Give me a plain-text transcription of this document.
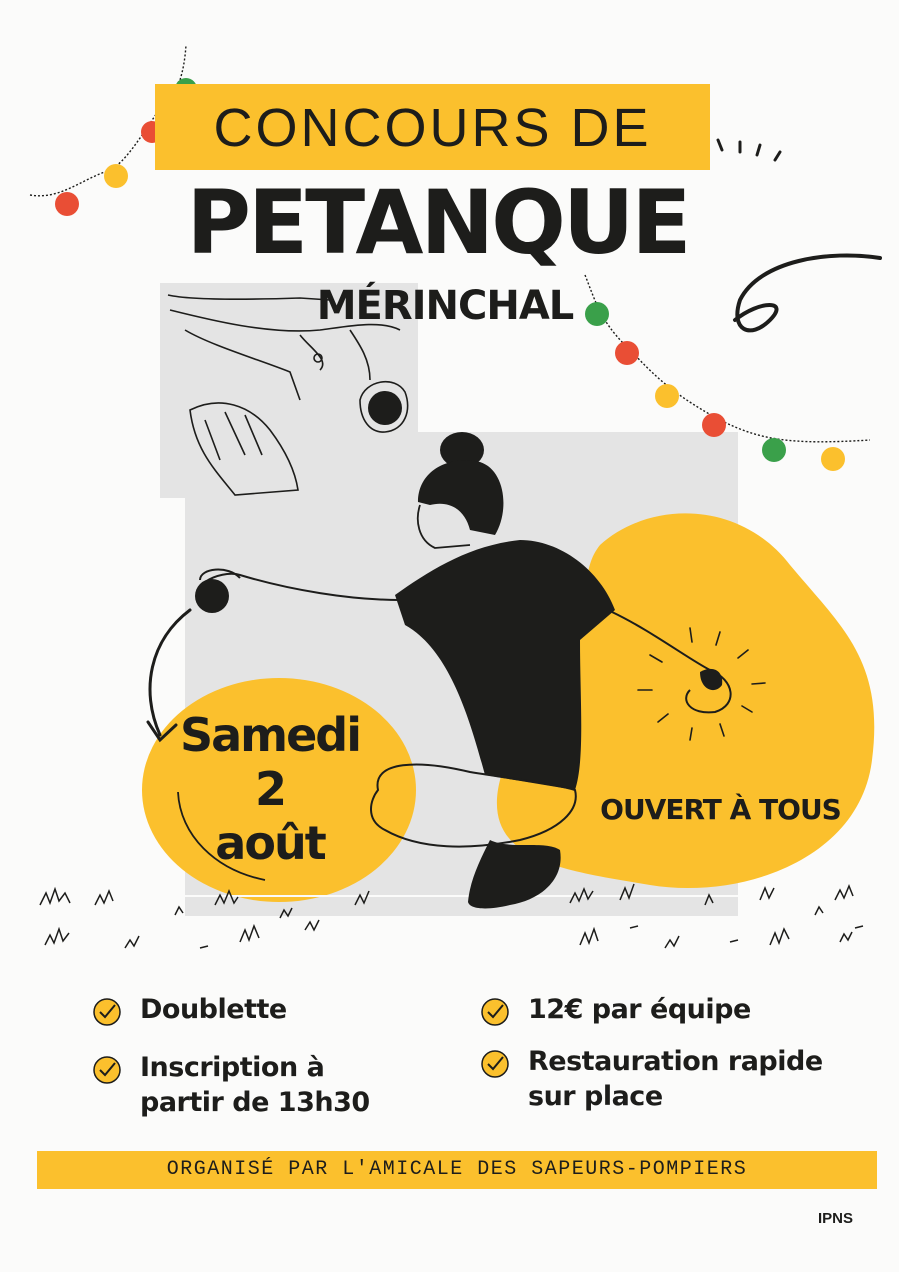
CONCOURS DE
PETANQUE
MÉRINCHAL
Samedi
2
août
OUVERT À TOUS
Doublette
Inscription à partir de 13h30
12€ par équipe
Restauration rapide sur place
ORGANISÉ PAR L'AMICALE DES SAPEURS-POMPIERS
IPNS
